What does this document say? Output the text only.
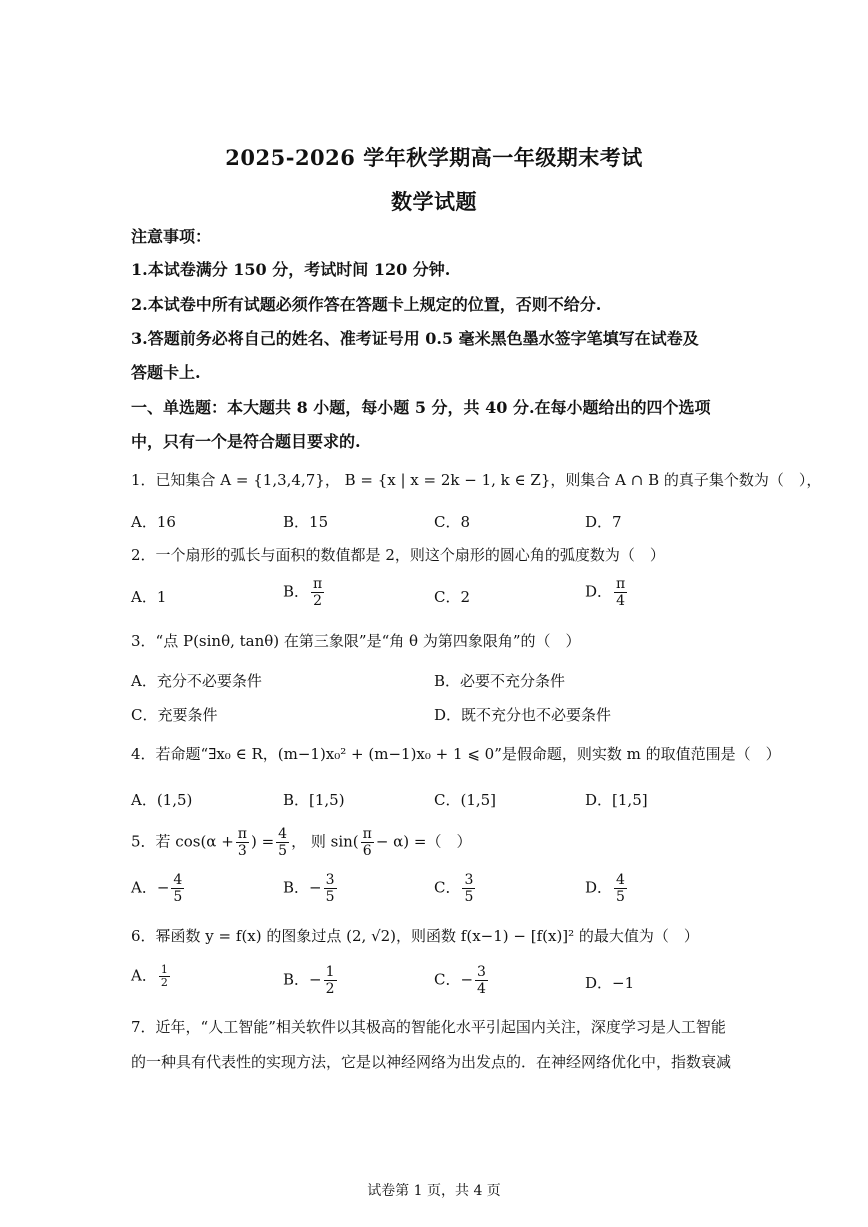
2025-2026 学年秋学期高一年级期末考试
数学试题
注意事项：
1.本试卷满分 150 分，考试时间 120 分钟.
2.本试卷中所有试题必须作答在答题卡上规定的位置，否则不给分.
3.答题前务必将自己的姓名、准考证号用 0.5 毫米黑色墨水签字笔填写在试卷及
答题卡上.
一、单选题：本大题共 8 小题，每小题 5 分，共 40 分.在每小题给出的四个选项
中，只有一个是符合题目要求的.
1．已知集合 A = {1,3,4,7}， B = {x | x = 2k − 1, k ∈ Z}，则集合 A ∩ B 的真子集个数为（　），
A．16	B．15	C．8	D．7
2．一个扇形的弧长与面积的数值都是 2，则这个扇形的圆心角的弧度数为（　）
A．1	B． $\frac{\pi}{2}$	C．2	D． $\frac{\pi}{4}$
3．“点 P(sinθ, tanθ) 在第三象限”是“角 θ 为第四象限角”的（　）
A．充分不必要条件	B．必要不充分条件
C．充要条件	D．既不充分也不必要条件
4．若命题“∃x₀ ∈ R，(m−1)x₀² + (m−1)x₀ + 1 ⩽ 0”是假命题，则实数 m 的取值范围是（　）
A．(1,5)	B．[1,5)	C．(1,5]	D．[1,5]
5．若 $\cos(\alpha + \frac{\pi}{3}$ ) = $\frac{4}{5}$ ， 则 $\sin( \frac{\pi}{6} - \alpha)$ =（　）
A．− $\frac{4}{5}$	B．− $\frac{3}{5}$	C． $\frac{3}{5}$	D． $\frac{4}{5}$
6．幂函数 y = f(x) 的图象过点 (2, √2)，则函数 f(x−1) − [f(x)]² 的最大值为（　）
A． $\frac{1}{2}$	B．− $\frac{1}{2}$	C．− $\frac{3}{4}$	D．−1
7．近年，“人工智能”相关软件以其极高的智能化水平引起国内关注，深度学习是人工智能
的一种具有代表性的实现方法，它是以神经网络为出发点的．在神经网络优化中，指数衰减
试卷第 1 页，共 4 页
